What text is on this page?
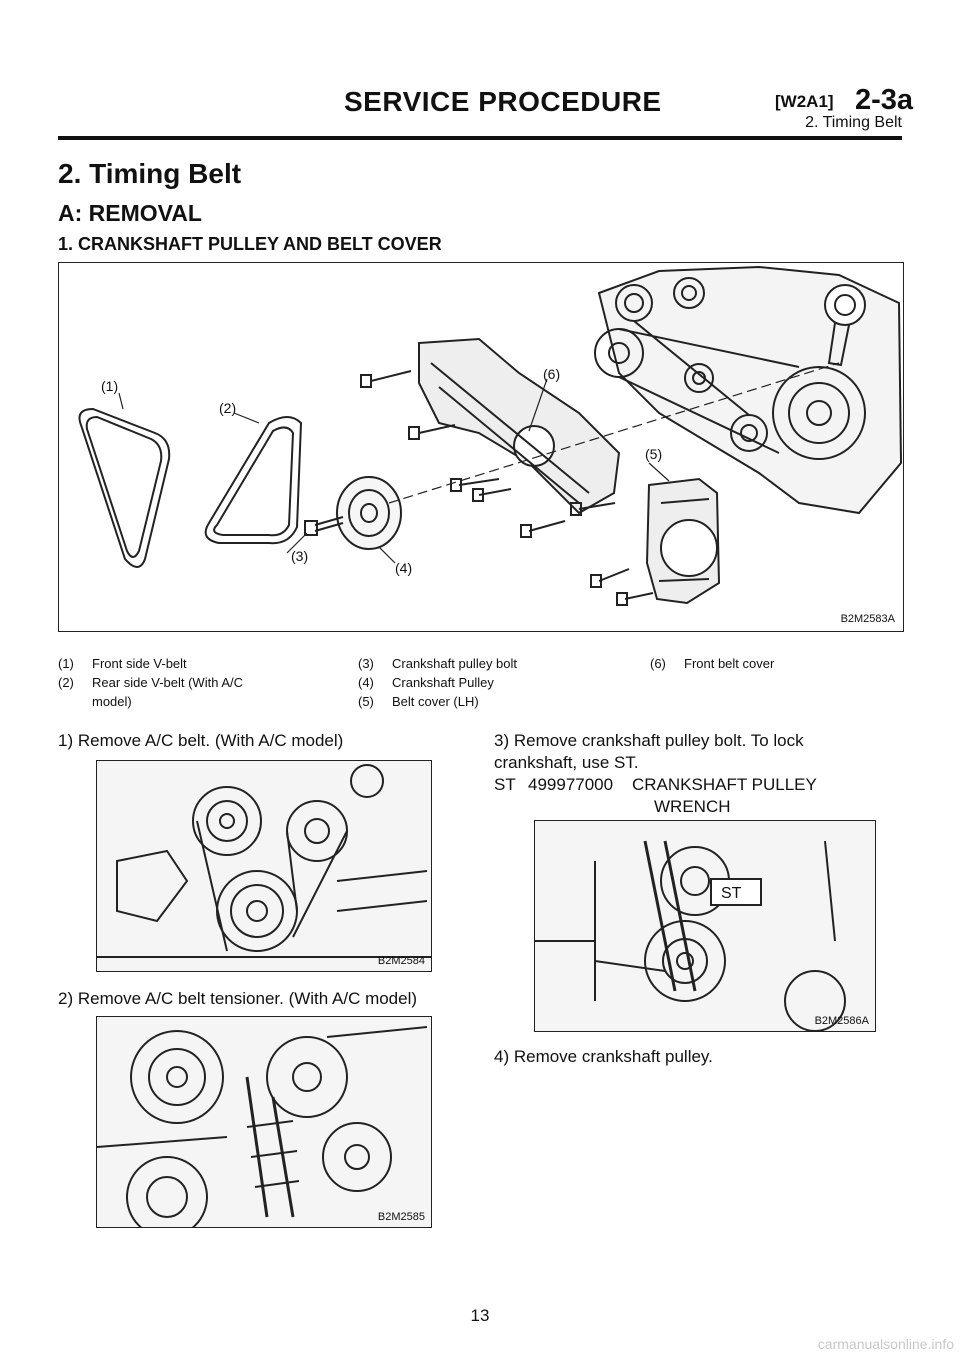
SERVICE PROCEDURE	[W2A1] 2-3a
2. Timing Belt
2. Timing Belt
A: REMOVAL
1. CRANKSHAFT PULLEY AND BELT COVER
(1)
(2)
(3)
(4)
(5)
(6)
B2M2583A
(1) Front side V-belt
(2) Rear side V-belt (With A/C
model)
(3) Crankshaft pulley bolt
(4) Crankshaft Pulley
(5) Belt cover (LH)
(6) Front belt cover
1) Remove A/C belt. (With A/C model)
B2M2584
2) Remove A/C belt tensioner. (With A/C model)
B2M2585
3) Remove crankshaft pulley bolt. To lock
crankshaft, use ST.
ST 499977000 CRANKSHAFT PULLEY
WRENCH
ST
B2M2586A
4) Remove crankshaft pulley.
13
carmanualsonline.info
